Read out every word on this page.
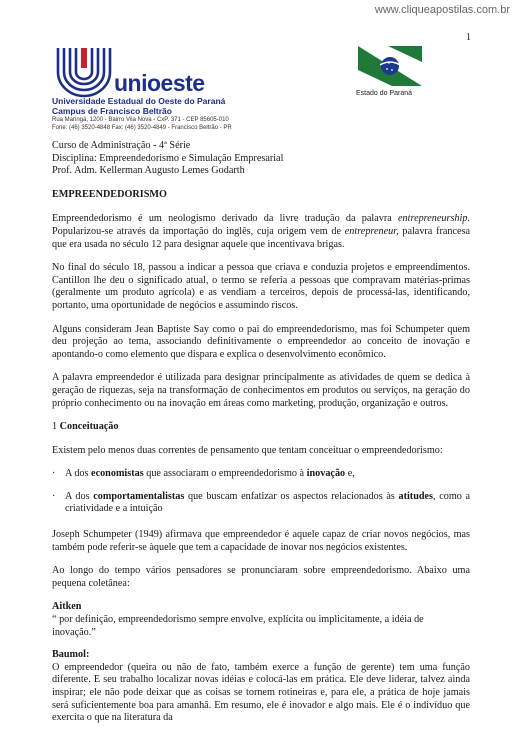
www.cliqueapostilas.com.br
1
unioeste
Universidade Estadual do Oeste do Paraná
Campus de Francisco Beltrão
Rua Maringá, 1200 - Bairro Vila Nova - CxP. 371 - CEP 85605-010
Fone: (46) 3520-4848 Fax: (46) 3520-4849 - Francisco Beltrão - PR
Estado do Paraná
Curso de Administração - 4ª Série
Disciplina: Empreendedorismo e Simulação Empresarial
Prof. Adm. Kellerman Augusto Lemes Godarth
EMPREENDEDORISMO

Empreendedorismo é um neologismo derivado da livre tradução da palavra entrepreneurship. Popularizou-se através da importação do inglês, cuja origem vem de entrepreneur, palavra francesa que era usada no século 12 para designar aquele que incentivava brigas.

No final do século 18, passou a indicar a pessoa que criava e conduzia projetos e empreendimentos. Cantillon lhe deu o significado atual, o termo se referia a pessoas que compravam matérias-primas (geralmente um produto agrícola) e as vendiam a terceiros, depois de processá-las, identificando, portanto, uma oportunidade de negócios e assumindo riscos.

Alguns consideram Jean Baptiste Say como o pai do empreendedorismo, mas foi Schumpeter quem deu projeção ao tema, associando definitivamente o empreendedor ao conceito de inovação e apontando-o como elemento que dispara e explica o desenvolvimento econômico.

A palavra empreendedor é utilizada para designar principalmente as atividades de quem se dedica à geração de riquezas, seja na transformação de conhecimentos em produtos ou serviços, na geração do próprio conhecimento ou na inovação em áreas como marketing, produção, organização e outros.

1 Conceituação

Existem pelo menos duas correntes de pensamento que tentam conceituar o empreendedorismo:

· A dos economistas que associaram o empreendedorismo à inovação e,
· A dos comportamentalistas que buscam enfatizar os aspectos relacionados às atitudes, como a criatividade e a intuição

Joseph Schumpeter (1949) afirmava que empreendedor é aquele capaz de criar novos negócios, mas também pode referir-se àquele que tem a capacidade de inovar nos negócios existentes.

Ao longo do tempo vários pensadores se pronunciaram sobre empreendedorismo. Abaixo uma pequena coletânea:

Aitken
“ por definição, empreendedorismo sempre envolve, explícita ou implicitamente, a idéia de inovação.”
Baumol:

O empreendedor (queira ou não de fato, também exerce a função de gerente) tem uma função diferente. E seu trabalho localizar novas idéias e colocá-las em prática. Ele deve liderar, talvez ainda inspirar; ele não pode deixar que as coisas se tornem rotineiras e, para ele, a prática de hoje jamais será suficientemente boa para amanhã. Em resumo, ele é inovador e algo mais. Ele é o indivíduo que exercita o que na literatura da
